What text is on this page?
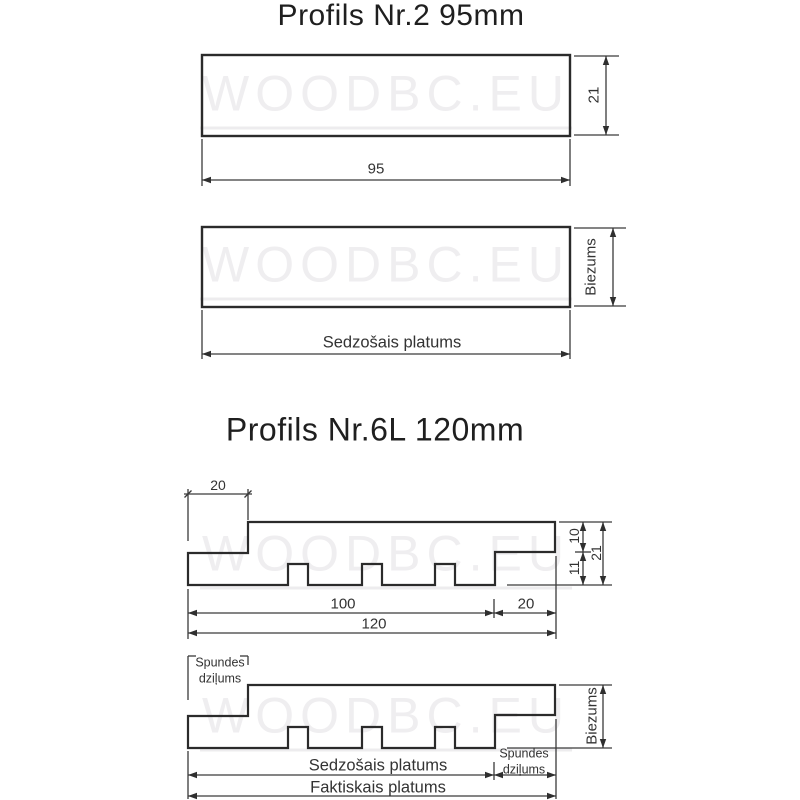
WOODBC.EU
WOODBC.EU
WOODBC.EU
WOODBC.EU
Profils Nr.2 95mm
Profils Nr.6L 120mm
21
95
Biezums
Sedzošais platums
20
10
11
21
100	20
120
Spundes dziļums
Biezums
Sedzošais platums
Spundes dziļums
Faktiskais platums
